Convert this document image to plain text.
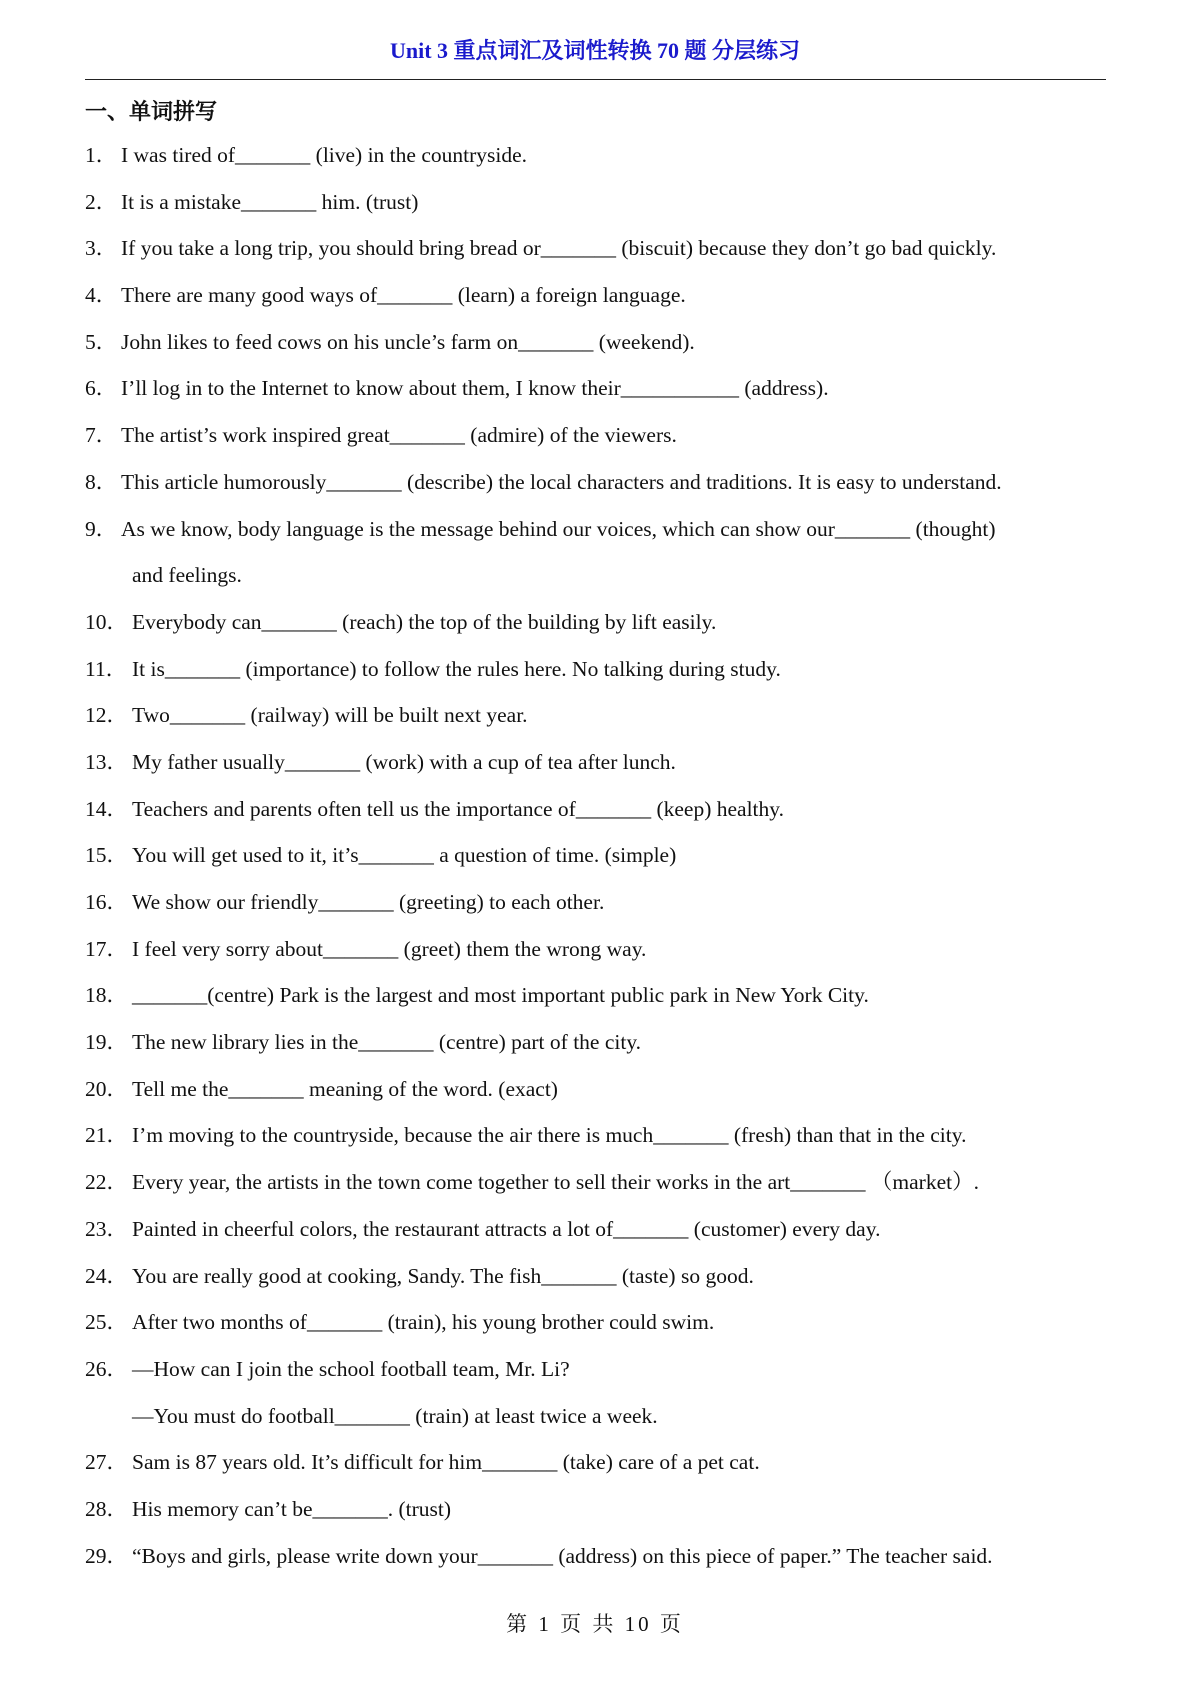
Unit 3 重点词汇及词性转换 70 题 分层练习
一、单词拼写
1． I was tired of_______ (live) in the countryside.
2． It is a mistake_______ him. (trust)
3． If you take a long trip, you should bring bread or_______ (biscuit) because they don’t go bad quickly.
4． There are many good ways of_______ (learn) a foreign language.
5． John likes to feed cows on his uncle’s farm on_______ (weekend).
6． I’ll log in to the Internet to know about them, I know their___________ (address).
7． The artist’s work inspired great_______ (admire) of the viewers.
8． This article humorously_______ (describe) the local characters and traditions. It is easy to understand.
9． As we know, body language is the message behind our voices, which can show our_______ (thought)
and feelings.
10． Everybody can_______ (reach) the top of the building by lift easily.
11． It is_______ (importance) to follow the rules here. No talking during study.
12． Two_______ (railway) will be built next year.
13． My father usually_______ (work) with a cup of tea after lunch.
14． Teachers and parents often tell us the importance of_______ (keep) healthy.
15． You will get used to it, it’s_______ a question of time. (simple)
16． We show our friendly_______ (greeting) to each other.
17． I feel very sorry about_______ (greet) them the wrong way.
18． _______(centre) Park is the largest and most important public park in New York City.
19． The new library lies in the_______ (centre) part of the city.
20． Tell me the_______ meaning of the word. (exact)
21． I’m moving to the countryside, because the air there is much_______ (fresh) than that in the city.
22． Every year, the artists in the town come together to sell their works in the art_______ （market）.
23． Painted in cheerful colors, the restaurant attracts a lot of_______ (customer) every day.
24． You are really good at cooking, Sandy. The fish_______ (taste) so good.
25． After two months of_______ (train), his young brother could swim.
26． —How can I join the school football team, Mr. Li?
—You must do football_______ (train) at least twice a week.
27． Sam is 87 years old. It’s difficult for him_______ (take) care of a pet cat.
28． His memory can’t be_______. (trust)
29． “Boys and girls, please write down your_______ (address) on this piece of paper.” The teacher said.
第 1 页 共 10 页
